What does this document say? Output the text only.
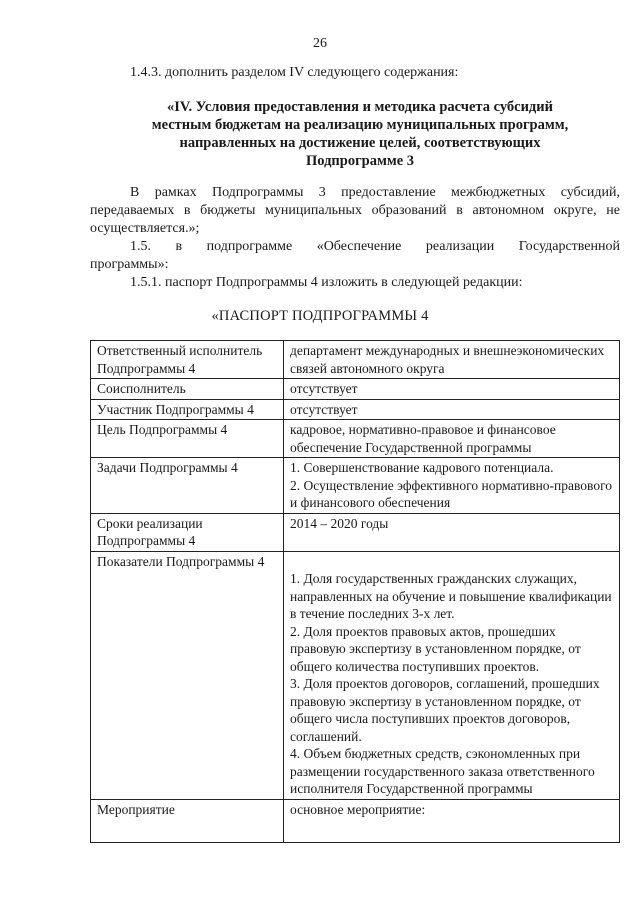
26
1.4.3. дополнить разделом IV следующего содержания:
«IV. Условия предоставления и методика расчета субсидий
местным бюджетам на реализацию муниципальных программ,
направленных на достижение целей, соответствующих
Подпрограмме 3
В рамках Подпрограммы 3 предоставление межбюджетных субсидий, передаваемых в бюджеты муниципальных образований в автономном округе, не осуществляется.»;
1.5. в подпрограмме «Обеспечение реализации Государственной
программы»:
1.5.1. паспорт Подпрограммы 4 изложить в следующей редакции:
«ПАСПОРТ ПОДПРОГРАММЫ 4
Ответственный исполнитель Подпрограммы 4	департамент международных и внешнеэкономических связей автономного округа

Соисполнитель	отсутствует

Участник Подпрограммы 4	отсутствует

Цель Подпрограммы 4	кадровое, нормативно-правовое и финансовое обеспечение Государственной программы

Задачи Подпрограммы 4	1. Совершенствование кадрового потенциала.
2. Осуществление эффективного нормативно-правового и финансового обеспечения

Сроки реализации Подпрограммы 4	2014 – 2020 годы

Показатели Подпрограммы 4	1. Доля государственных гражданских служащих, направленных на обучение и повышение квалификации в течение последних 3-х лет.
2. Доля проектов правовых актов, прошедших правовую экспертизу в установленном порядке, от общего количества поступивших проектов.
3. Доля проектов договоров, соглашений, прошедших правовую экспертизу в установленном порядке, от общего числа поступивших проектов договоров, соглашений.
4. Объем бюджетных средств, сэкономленных при размещении государственного заказа ответственного исполнителя Государственной программы

Мероприятие	основное мероприятие:
